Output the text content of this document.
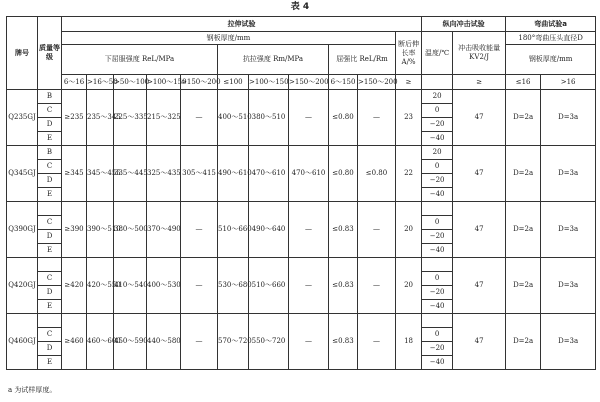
表 4
牌号	质量等级	拉伸试验											纵向冲击试验		弯曲试验a	
		钢板厚度/mm										断后伸长率A/%	温度/℃	冲击吸收能量 KV2/J	180°弯曲压头直径D	
		下屈服强度 ReL/MPa					抗拉强度 Rm/MPa			屈强比 ReL/Rm					钢板厚度/mm	
		6～16	>16～50	>50～100	>100～150	>150～200	≤100	>100～150	>150～200	6～150	>150～200	≥		≥	≤16	>16
Q235GJ	B	≥235	235～345	225～335	215～325	—	400～510	380～510	—	≤0.80	—	23	20	47	D=2a	D=3a
	C												0			
	D												−20			
	E												−40			
Q345GJ	B	≥345	345～455	335～445	325～435	305～415	490～610	470～610	470～610	≤0.80	≤0.80	22	20	47	D=2a	D=3a
	C												0			
	D												−20			
	E												−40			
Q390GJ		≥390	390～510	380～500	370～490	—	510～660	490～640	—	≤0.83	—	20		47	D=2a	D=3a
	C												0			
	D												−20			
	E												−40			
Q420GJ		≥420	420～550	410～540	400～530	—	530～680	510～660	—	≤0.83	—	20		47	D=2a	D=3a
	C												0			
	D												−20			
	E												−40			
Q460GJ		≥460	460～600	450～590	440～580	—	570～720	550～720	—	≤0.83	—	18		47	D=2a	D=3a
	C												0			
	D												−20			
	E												−40			
a 为试样厚度。
